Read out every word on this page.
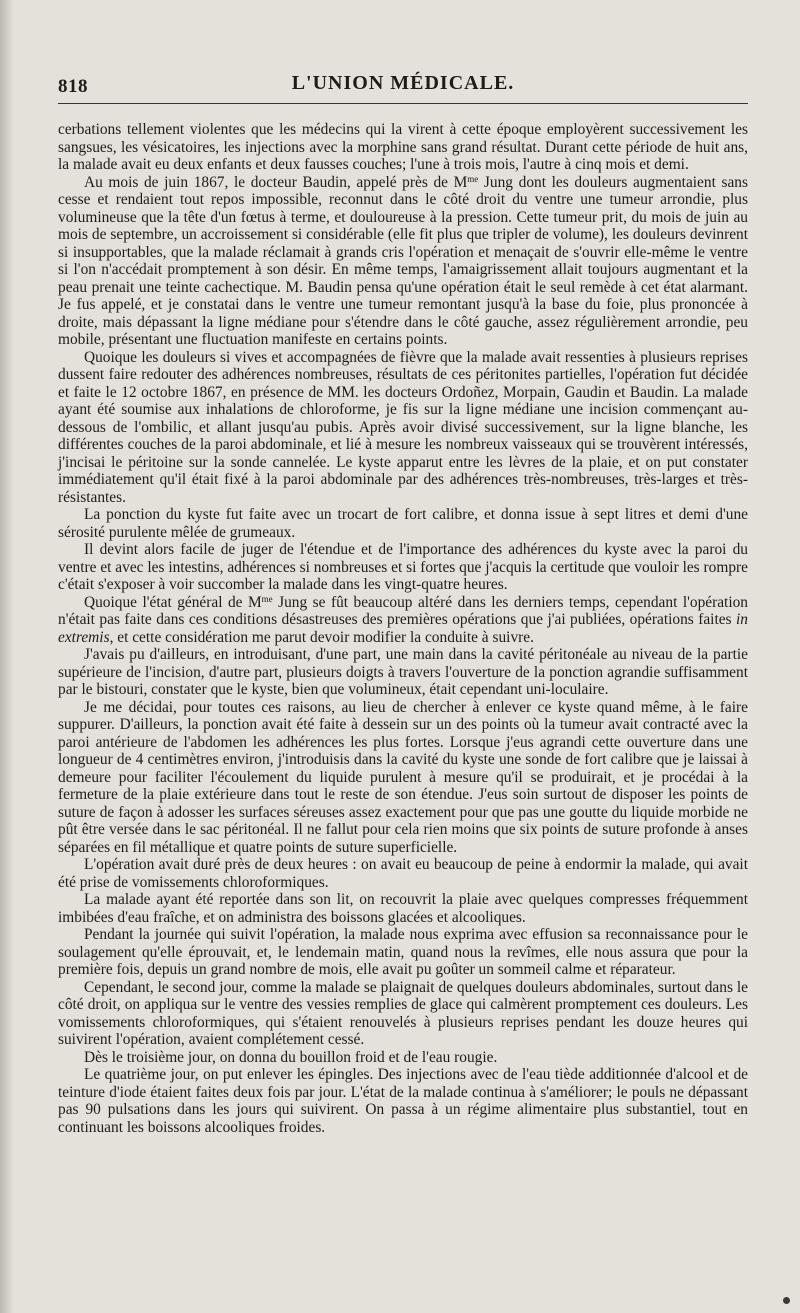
818	L'UNION MÉDICALE.

cerbations tellement violentes que les médecins qui la virent à cette époque employèrent successivement les sangsues, les vésicatoires, les injections avec la morphine sans grand résultat. Durant cette période de huit ans, la malade avait eu deux enfants et deux fausses couches; l'une à trois mois, l'autre à cinq mois et demi.

Au mois de juin 1867, le docteur Baudin, appelé près de $M^{me}$ Jung dont les douleurs augmentaient sans cesse et rendaient tout repos impossible, reconnut dans le côté droit du ventre une tumeur arrondie, plus volumineuse que la tête d'un fœtus à terme, et douloureuse à la pression. Cette tumeur prit, du mois de juin au mois de septembre, un accroissement si considérable (elle fit plus que tripler de volume), les douleurs devinrent si insupportables, que la malade réclamait à grands cris l'opération et menaçait de s'ouvrir elle-même le ventre si l'on n'accédait promptement à son désir. En même temps, l'amaigrissement allait toujours augmentant et la peau prenait une teinte cachectique. M. Baudin pensa qu'une opération était le seul remède à cet état alarmant. Je fus appelé, et je constatai dans le ventre une tumeur remontant jusqu'à la base du foie, plus prononcée à droite, mais dépassant la ligne médiane pour s'étendre dans le côté gauche, assez régulièrement arrondie, peu mobile, présentant une fluctuation manifeste en certains points.

Quoique les douleurs si vives et accompagnées de fièvre que la malade avait ressenties à plusieurs reprises dussent faire redouter des adhérences nombreuses, résultats de ces péritonites partielles, l'opération fut décidée et faite le 12 octobre 1867, en présence de MM. les docteurs Ordoñez, Morpain, Gaudin et Baudin. La malade ayant été soumise aux inhalations de chloroforme, je fis sur la ligne médiane une incision commençant au-dessous de l'ombilic, et allant jusqu'au pubis. Après avoir divisé successivement, sur la ligne blanche, les différentes couches de la paroi abdominale, et lié à mesure les nombreux vaisseaux qui se trouvèrent intéressés, j'incisai le péritoine sur la sonde cannelée. Le kyste apparut entre les lèvres de la plaie, et on put constater immédiatement qu'il était fixé à la paroi abdominale par des adhérences très-nombreuses, très-larges et très-résistantes.

La ponction du kyste fut faite avec un trocart de fort calibre, et donna issue à sept litres et demi d'une sérosité purulente mêlée de grumeaux.

Il devint alors facile de juger de l'étendue et de l'importance des adhérences du kyste avec la paroi du ventre et avec les intestins, adhérences si nombreuses et si fortes que j'acquis la certitude que vouloir les rompre c'était s'exposer à voir succomber la malade dans les vingt-quatre heures.

Quoique l'état général de $M^{me}$ Jung se fût beaucoup altéré dans les derniers temps, cependant l'opération n'était pas faite dans ces conditions désastreuses des premières opérations que j'ai publiées, opérations faites in extremis, et cette considération me parut devoir modifier la conduite à suivre.

J'avais pu d'ailleurs, en introduisant, d'une part, une main dans la cavité péritonéale au niveau de la partie supérieure de l'incision, d'autre part, plusieurs doigts à travers l'ouverture de la ponction agrandie suffisamment par le bistouri, constater que le kyste, bien que volumineux, était cependant uni-loculaire.

Je me décidai, pour toutes ces raisons, au lieu de chercher à enlever ce kyste quand même, à le faire suppurer. D'ailleurs, la ponction avait été faite à dessein sur un des points où la tumeur avait contracté avec la paroi antérieure de l'abdomen les adhérences les plus fortes. Lorsque j'eus agrandi cette ouverture dans une longueur de 4 centimètres environ, j'introduisis dans la cavité du kyste une sonde de fort calibre que je laissai à demeure pour faciliter l'écoulement du liquide purulent à mesure qu'il se produirait, et je procédai à la fermeture de la plaie extérieure dans tout le reste de son étendue. J'eus soin surtout de disposer les points de suture de façon à adosser les surfaces séreuses assez exactement pour que pas une goutte du liquide morbide ne pût être versée dans le sac péritonéal. Il ne fallut pour cela rien moins que six points de suture profonde à anses séparées en fil métallique et quatre points de suture superficielle.

L'opération avait duré près de deux heures : on avait eu beaucoup de peine à endormir la malade, qui avait été prise de vomissements chloroformiques.

La malade ayant été reportée dans son lit, on recouvrit la plaie avec quelques compresses fréquemment imbibées d'eau fraîche, et on administra des boissons glacées et alcooliques.

Pendant la journée qui suivit l'opération, la malade nous exprima avec effusion sa reconnaissance pour le soulagement qu'elle éprouvait, et, le lendemain matin, quand nous la revîmes, elle nous assura que pour la première fois, depuis un grand nombre de mois, elle avait pu goûter un sommeil calme et réparateur.

Cependant, le second jour, comme la malade se plaignait de quelques douleurs abdominales, surtout dans le côté droit, on appliqua sur le ventre des vessies remplies de glace qui calmèrent promptement ces douleurs. Les vomissements chloroformiques, qui s'étaient renouvelés à plusieurs reprises pendant les douze heures qui suivirent l'opération, avaient complétement cessé.

Dès le troisième jour, on donna du bouillon froid et de l'eau rougie.

Le quatrième jour, on put enlever les épingles. Des injections avec de l'eau tiède additionnée d'alcool et de teinture d'iode étaient faites deux fois par jour. L'état de la malade continua à s'améliorer; le pouls ne dépassant pas 90 pulsations dans les jours qui suivirent. On passa à un régime alimentaire plus substantiel, tout en continuant les boissons alcooliques froides.
